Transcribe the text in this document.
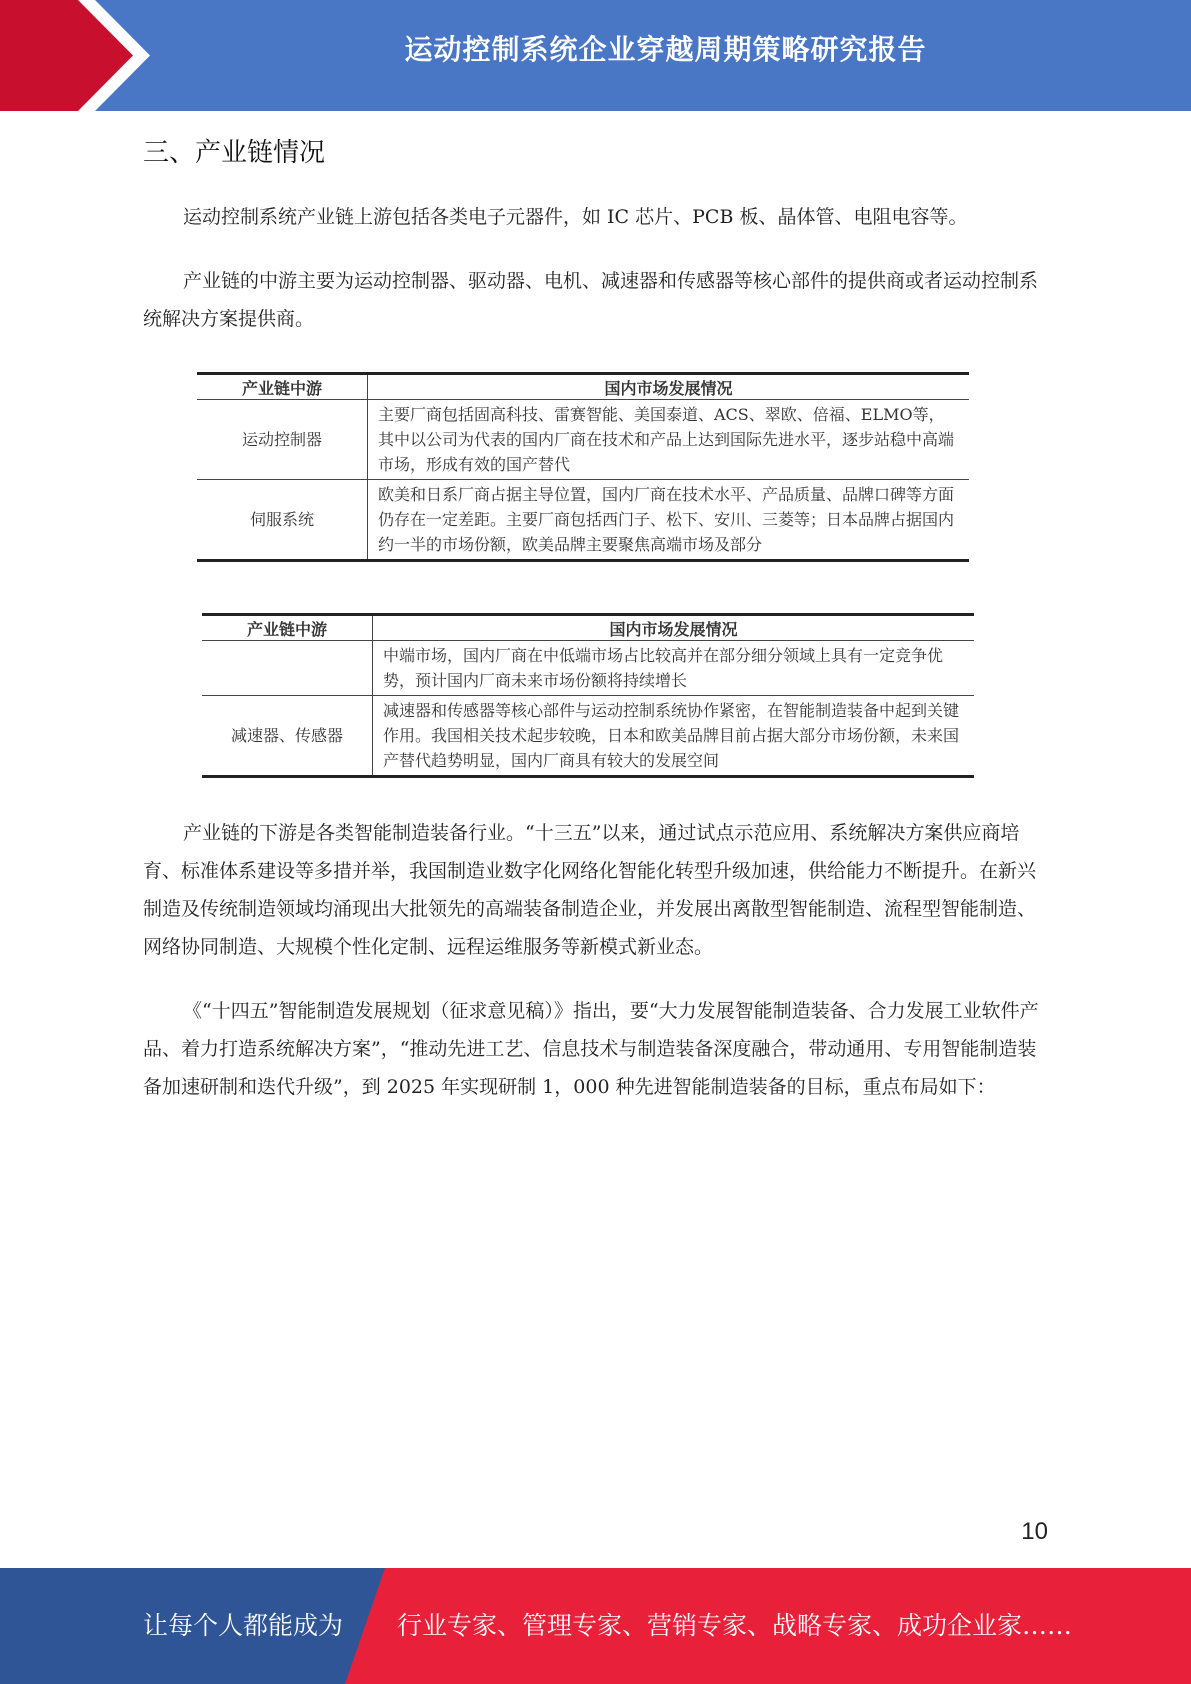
运动控制系统企业穿越周期策略研究报告
三、产业链情况

运动控制系统产业链上游包括各类电子元器件，如 IC 芯片、PCB 板、晶体管、电阻电容等。

产业链的中游主要为运动控制器、驱动器、电机、减速器和传感器等核心部件的提供商或者运动控制系统解决方案提供商。

产业链中游	国内市场发展情况
运动控制器	主要厂商包括固高科技、雷赛智能、美国泰道、ACS、翠欧、倍福、ELMO等，其中以公司为代表的国内厂商在技术和产品上达到国际先进水平，逐步站稳中高端市场，形成有效的国产替代
伺服系统	欧美和日系厂商占据主导位置，国内厂商在技术水平、产品质量、品牌口碑等方面仍存在一定差距。主要厂商包括西门子、松下、安川、三菱等；日本品牌占据国内约一半的市场份额，欧美品牌主要聚焦高端市场及部分
产业链中游	国内市场发展情况
	中端市场，国内厂商在中低端市场占比较高并在部分细分领域上具有一定竞争优势，预计国内厂商未来市场份额将持续增长
减速器、传感器	减速器和传感器等核心部件与运动控制系统协作紧密，在智能制造装备中起到关键作用。我国相关技术起步较晚，日本和欧美品牌目前占据大部分市场份额，未来国产替代趋势明显，国内厂商具有较大的发展空间

产业链的下游是各类智能制造装备行业。“十三五”以来，通过试点示范应用、系统解决方案供应商培育、标准体系建设等多措并举，我国制造业数字化网络化智能化转型升级加速，供给能力不断提升。在新兴制造及传统制造领域均涌现出大批领先的高端装备制造企业，并发展出离散型智能制造、流程型智能制造、网络协同制造、大规模个性化定制、远程运维服务等新模式新业态。

《“十四五”智能制造发展规划（征求意见稿）》指出，要“大力发展智能制造装备、合力发展工业软件产品、着力打造系统解决方案”，“推动先进工艺、信息技术与制造装备深度融合，带动通用、专用智能制造装备加速研制和迭代升级”，到 2025 年实现研制 1，000 种先进智能制造装备的目标，重点布局如下：

10
让每个人都能成为 行业专家、管理专家、营销专家、战略专家、成功企业家……
